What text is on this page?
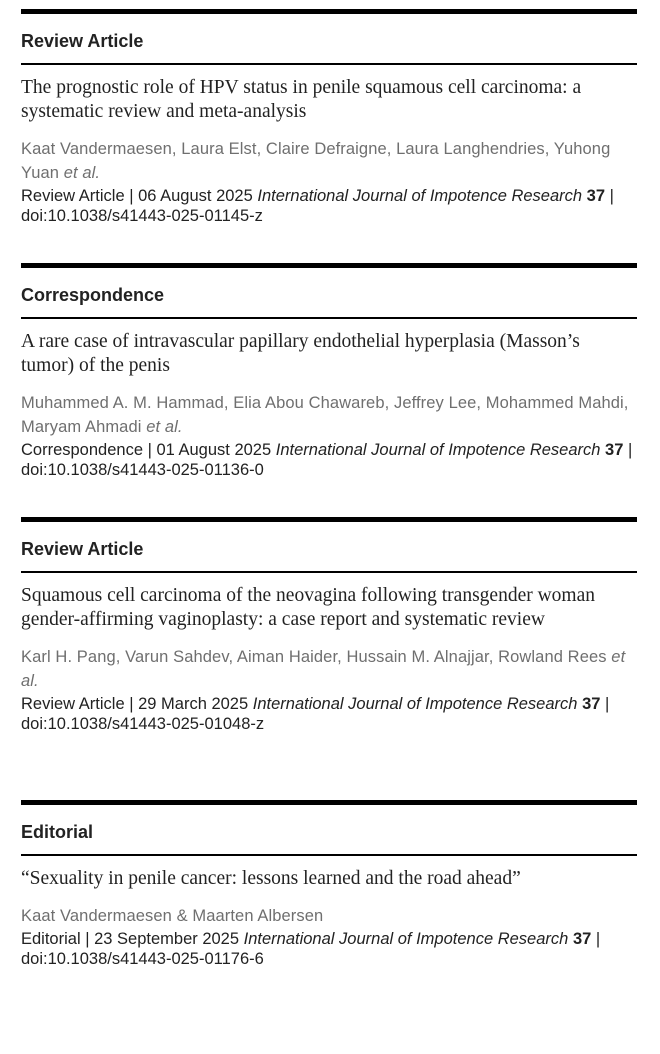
Review Article
The prognostic role of HPV status in penile squamous cell carcinoma: a systematic review and meta-analysis
Kaat Vandermaesen, Laura Elst, Claire Defraigne, Laura Langhendries, Yuhong Yuan et al.
Review Article | 06 August 2025 International Journal of Impotence Research 37 | doi:10.1038/s41443-025-01145-z
Correspondence
A rare case of intravascular papillary endothelial hyperplasia (Masson’s tumor) of the penis
Muhammed A. M. Hammad, Elia Abou Chawareb, Jeffrey Lee, Mohammed Mahdi, Maryam Ahmadi et al.
Correspondence | 01 August 2025 International Journal of Impotence Research 37 | doi:10.1038/s41443-025-01136-0
Review Article
Squamous cell carcinoma of the neovagina following transgender woman gender-affirming vaginoplasty: a case report and systematic review
Karl H. Pang, Varun Sahdev, Aiman Haider, Hussain M. Alnajjar, Rowland Rees et al.
Review Article | 29 March 2025 International Journal of Impotence Research 37 | doi:10.1038/s41443-025-01048-z
Editorial
“Sexuality in penile cancer: lessons learned and the road ahead”
Kaat Vandermaesen & Maarten Albersen
Editorial | 23 September 2025 International Journal of Impotence Research 37 | doi:10.1038/s41443-025-01176-6
